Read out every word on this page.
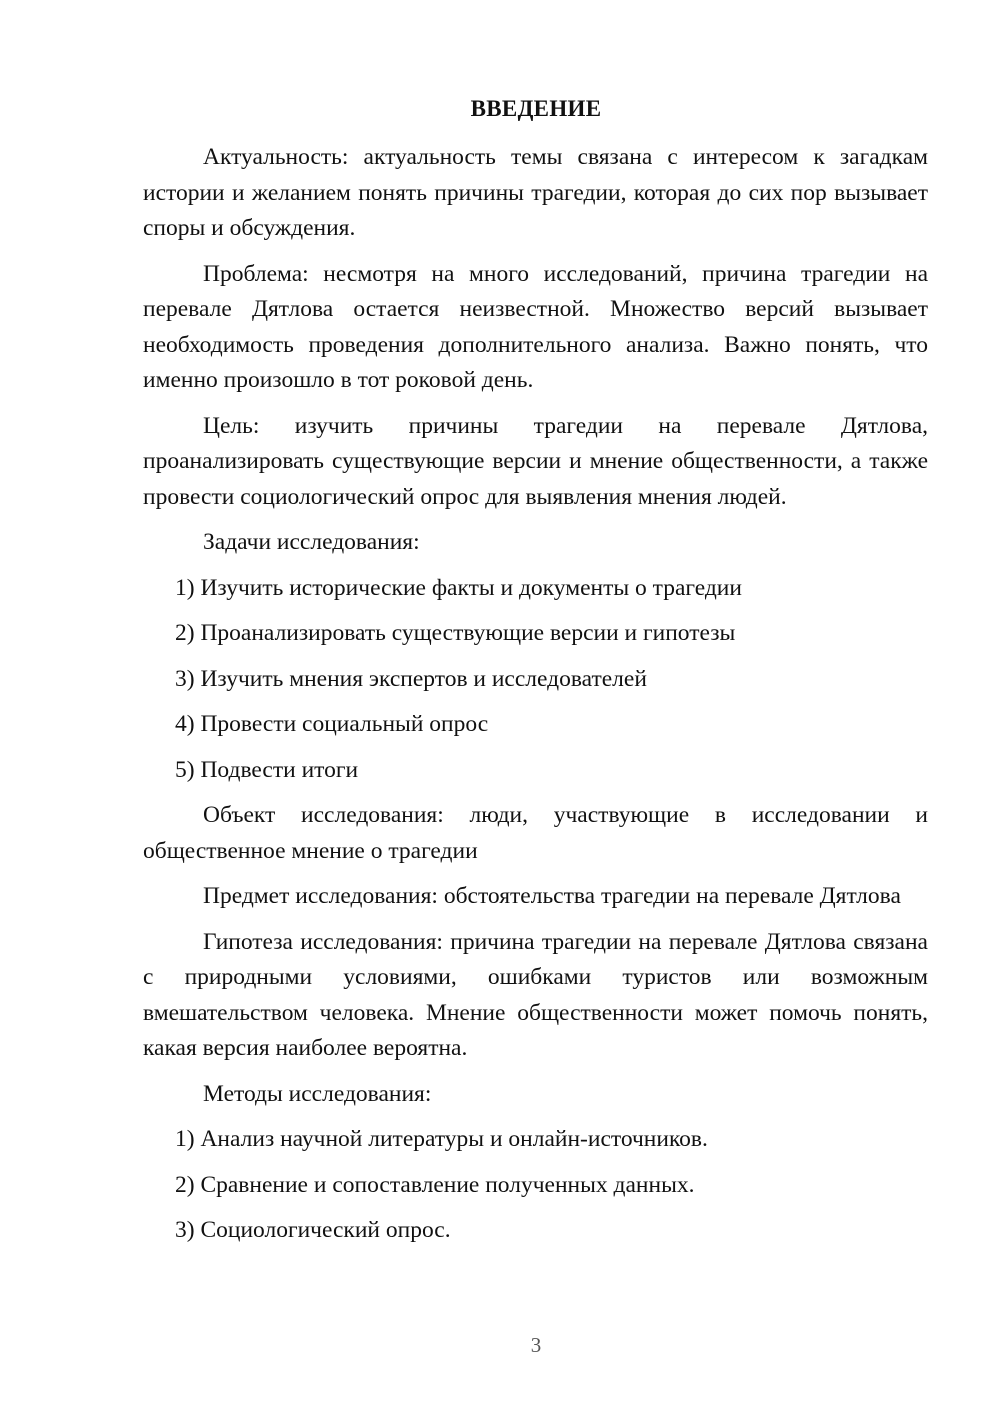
ВВЕДЕНИЕ

Актуальность: актуальность темы связана с интересом к загадкам истории и желанием понять причины трагедии, которая до сих пор вызывает споры и обсуждения.

Проблема: несмотря на много исследований, причина трагедии на перевале Дятлова остается неизвестной. Множество версий вызывает необходимость проведения дополнительного анализа. Важно понять, что именно произошло в тот роковой день.

Цель: изучить причины трагедии на перевале Дятлова, проанализировать существующие версии и мнение общественности, а также провести социологический опрос для выявления мнения людей.

Задачи исследования:

1) Изучить исторические факты и документы о трагедии
2) Проанализировать существующие версии и гипотезы
3) Изучить мнения экспертов и исследователей
4) Провести социальный опрос
5) Подвести итоги

Объект исследования: люди, участвующие в исследовании и общественное мнение о трагедии

Предмет исследования: обстоятельства трагедии на перевале Дятлова

Гипотеза исследования: причина трагедии на перевале Дятлова связана с природными условиями, ошибками туристов или возможным вмешательством человека. Мнение общественности может помочь понять, какая версия наиболее вероятна.

Методы исследования:

1) Анализ научной литературы и онлайн-источников.
2) Сравнение и сопоставление полученных данных.
3) Социологический опрос.
3
